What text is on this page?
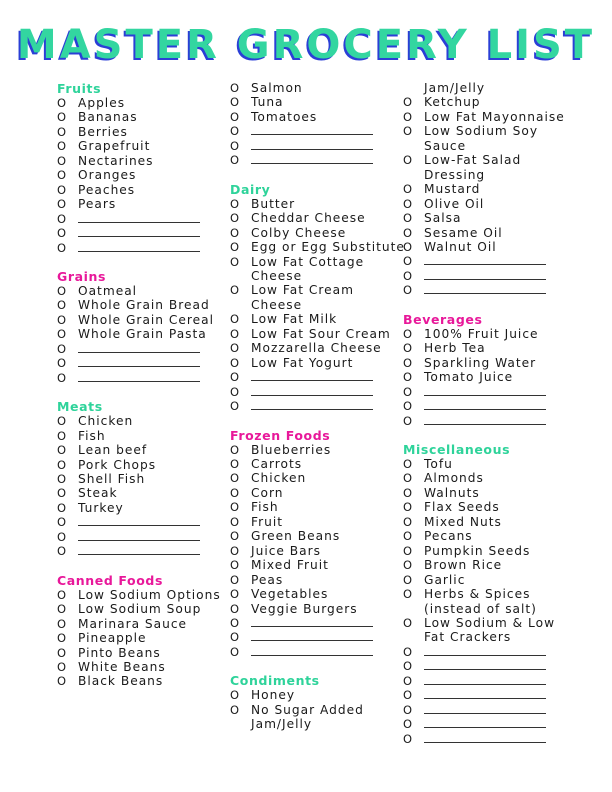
MASTER GROCERY LIST
Fruits
O Apples
O Bananas
O Berries
O Grapefruit
O Nectarines
O Oranges
O Peaches
O Pears
O
O
O
Grains
O Oatmeal
O Whole Grain Bread
O Whole Grain Cereal
O Whole Grain Pasta
O
O
O
Meats
O Chicken
O Fish
O Lean beef
O Pork Chops
O Shell Fish
O Steak
O Turkey
O
O
O
Canned Foods
O Low Sodium Options
O Low Sodium Soup
O Marinara Sauce
O Pineapple
O Pinto Beans
O White Beans
O Black Beans
O Salmon
O Tuna
O Tomatoes
O
O
O
Dairy
O Butter
O Cheddar Cheese
O Colby Cheese
O Egg or Egg Substitute
O Low Fat Cottage Cheese
O Low Fat Cream Cheese
O Low Fat Milk
O Low Fat Sour Cream
O Mozzarella Cheese
O Low Fat Yogurt
O
O
O
Frozen Foods
O Blueberries
O Carrots
O Chicken
O Corn
O Fish
O Fruit
O Green Beans
O Juice Bars
O Mixed Fruit
O Peas
O Vegetables
O Veggie Burgers
O
O
O
Condiments
O Honey
O No Sugar Added Jam/Jelly
Jam/Jelly
O Ketchup
O Low Fat Mayonnaise
O Low Sodium Soy Sauce
O Low-Fat Salad Dressing
O Mustard
O Olive Oil
O Salsa
O Sesame Oil
O Walnut Oil
O
O
O
Beverages
O 100% Fruit Juice
O Herb Tea
O Sparkling Water
O Tomato Juice
O
O
O
Miscellaneous
O Tofu
O Almonds
O Walnuts
O Flax Seeds
O Mixed Nuts
O Pecans
O Pumpkin Seeds
O Brown Rice
O Garlic
O Herbs & Spices (instead of salt)
O Low Sodium & Low Fat Crackers
O
O
O
O
O
O
O
